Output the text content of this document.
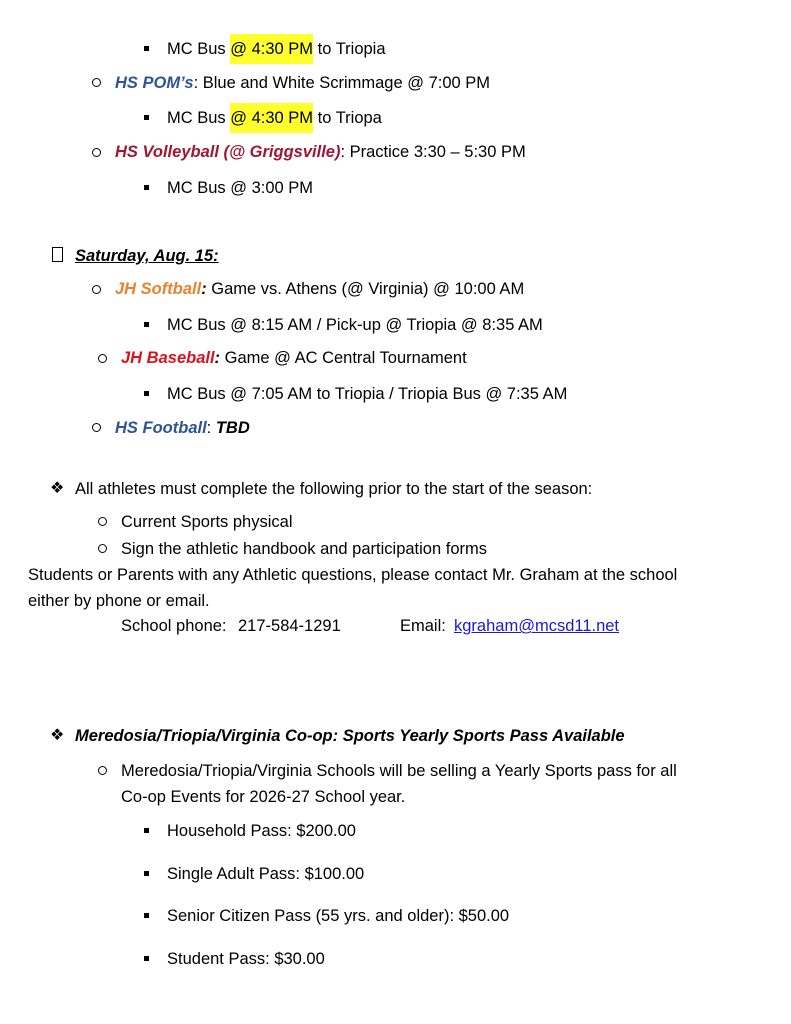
MC Bus @ 4:30 PM to Triopia
HS POM’s: Blue and White Scrimmage @ 7:00 PM
MC Bus @ 4:30 PM to Triopa
HS Volleyball (@ Griggsville): Practice 3:30 – 5:30 PM
MC Bus @ 3:00 PM
Saturday, Aug. 15:
JH Softball: Game vs. Athens (@ Virginia) @ 10:00 AM
MC Bus @ 8:15 AM / Pick-up @ Triopia @ 8:35 AM
JH Baseball: Game @ AC Central Tournament
MC Bus @ 7:05 AM to Triopia / Triopia Bus @ 7:35 AM
HS Football: TBD
❖ All athletes must complete the following prior to the start of the season:
Current Sports physical
Sign the athletic handbook and participation forms
Students or Parents with any Athletic questions, please contact Mr. Graham at the school
either by phone or email.
School phone: 217-584-1291	Email: kgraham@mcsd11.net
❖ Meredosia/Triopia/Virginia Co-op: Sports Yearly Sports Pass Available
Meredosia/Triopia/Virginia Schools will be selling a Yearly Sports pass for all
Co-op Events for 2026-27 School year.
Household Pass: $200.00
Single Adult Pass: $100.00
Senior Citizen Pass (55 yrs. and older): $50.00
Student Pass: $30.00
